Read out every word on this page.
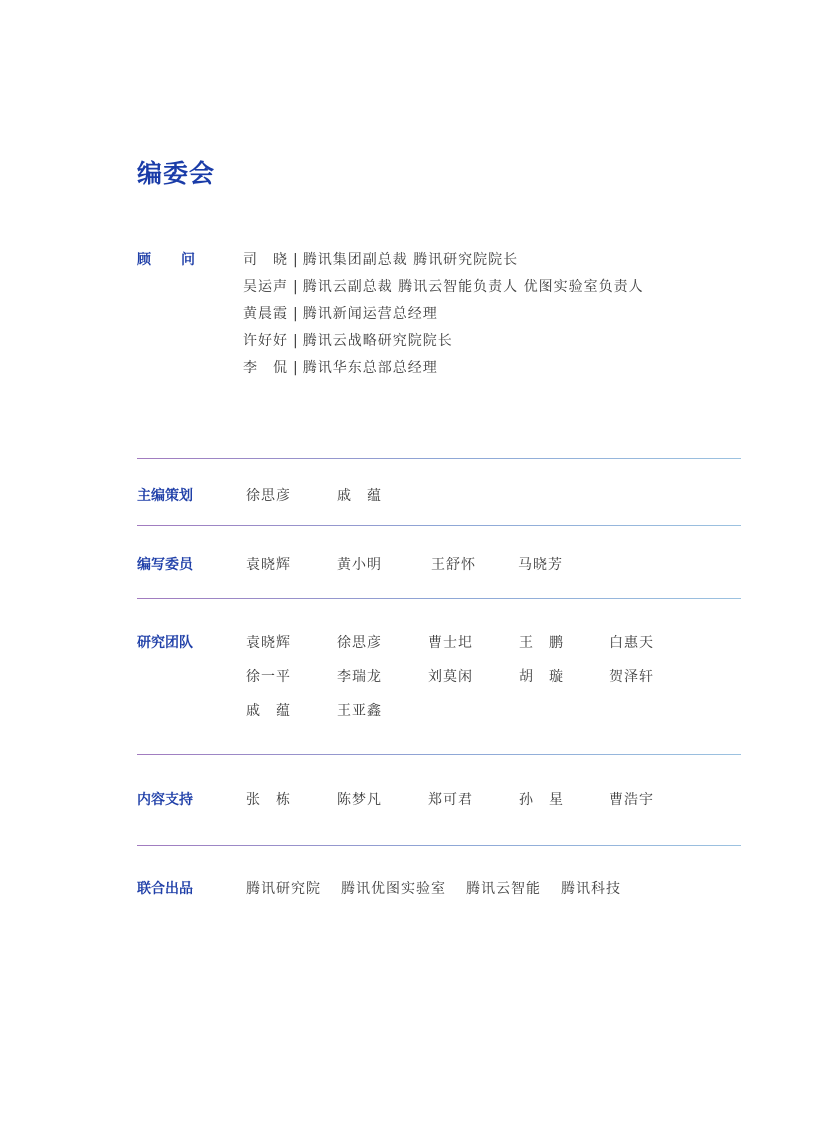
编委会
顾问 司　晓 | 腾讯集团副总裁 腾讯研究院院长
吴运声 | 腾讯云副总裁 腾讯云智能负责人 优图实验室负责人
黄晨霞 | 腾讯新闻运营总经理
许好好 | 腾讯云战略研究院院长
李　侃 | 腾讯华东总部总经理
主编策划	徐思彦	戚　蕴
编写委员	袁晓辉	黄小明	王舒怀	马晓芳
研究团队	袁晓辉	徐思彦	曹士圯	王　鹏	白惠天
徐一平	李瑞龙	刘莫闲	胡　璇	贺泽轩
戚　蕴	王亚鑫
内容支持	张　栋	陈梦凡	郑可君	孙　星	曹浩宇
联合出品	腾讯研究院 腾讯优图实验室 腾讯云智能 腾讯科技
